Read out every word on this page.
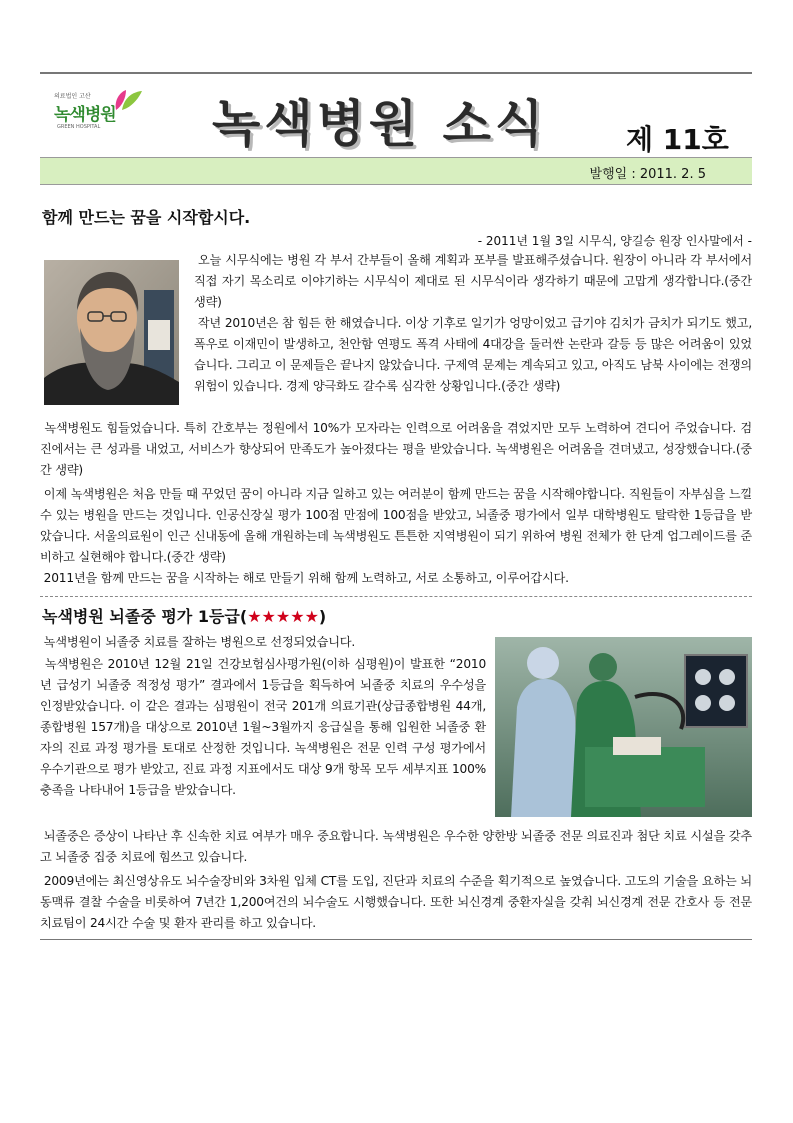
의료법인 고산
녹색병원
GREEN HOSPITAL 녹색병원 소식	제 11호
발행일 : 2011. 2. 5
함께 만드는 꿈을 시작합시다.
- 2011년 1월 3일 시무식, 양길승 원장 인사말에서 -

오늘 시무식에는 병원 각 부서 간부들이 올해 계획과 포부를 발표해주셨습니다. 원장이 아니라 각 부서에서 직접 자기 목소리로 이야기하는 시무식이 제대로 된 시무식이라 생각하기 때문에 고맙게 생각합니다.(중간 생략)

작년 2010년은 참 힘든 한 해였습니다. 이상 기후로 일기가 엉망이었고 급기야 김치가 금치가 되기도 했고, 폭우로 이재민이 발생하고, 천안함 연평도 폭격 사태에 4대강을 둘러싼 논란과 갈등 등 많은 어려움이 있었습니다. 그리고 이 문제들은 끝나지 않았습니다. 구제역 문제는 계속되고 있고, 아직도 남북 사이에는 전쟁의 위험이 있습니다. 경제 양극화도 갈수록 심각한 상황입니다.(중간 생략)

녹색병원도 힘들었습니다. 특히 간호부는 정원에서 10%가 모자라는 인력으로 어려움을 겪었지만 모두 노력하여 견디어 주었습니다. 검진에서는 큰 성과를 내었고, 서비스가 향상되어 만족도가 높아졌다는 평을 받았습니다. 녹색병원은 어려움을 견뎌냈고, 성장했습니다.(중간 생략)

이제 녹색병원은 처음 만들 때 꾸었던 꿈이 아니라 지금 일하고 있는 여러분이 함께 만드는 꿈을 시작해야합니다. 직원들이 자부심을 느낄 수 있는 병원을 만드는 것입니다. 인공신장실 평가 100점 만점에 100점을 받았고, 뇌졸중 평가에서 일부 대학병원도 탈락한 1등급을 받았습니다. 서울의료원이 인근 신내동에 올해 개원하는데 녹색병원도 튼튼한 지역병원이 되기 위하여 병원 전체가 한 단계 업그레이드를 준비하고 실현해야 합니다.(중간 생략)

2011년을 함께 만드는 꿈을 시작하는 해로 만들기 위해 함께 노력하고, 서로 소통하고, 이루어갑시다.

녹색병원 뇌졸중 평가 1등급(★★★★★)

녹색병원이 뇌졸중 치료를 잘하는 병원으로 선정되었습니다.

녹색병원은 2010년 12월 21일 건강보험심사평가원(이하 심평원)이 발표한 “2010년 급성기 뇌졸중 적정성 평가” 결과에서 1등급을 획득하여 뇌졸중 치료의 우수성을 인정받았습니다. 이 같은 결과는 심평원이 전국 201개 의료기관(상급종합병원 44개, 종합병원 157개)을 대상으로 2010년 1월~3월까지 응급실을 통해 입원한 뇌졸중 환자의 진료 과정 평가를 토대로 산정한 것입니다. 녹색병원은 전문 인력 구성 평가에서 우수기관으로 평가 받았고, 진료 과정 지표에서도 대상 9개 항목 모두 세부지표 100%충족을 나타내어 1등급을 받았습니다.

뇌졸중은 증상이 나타난 후 신속한 치료 여부가 매우 중요합니다. 녹색병원은 우수한 양한방 뇌졸중 전문 의료진과 첨단 치료 시설을 갖추고 뇌졸중 집중 치료에 힘쓰고 있습니다.

2009년에는 최신영상유도 뇌수술장비와 3차원 입체 CT를 도입, 진단과 치료의 수준을 획기적으로 높였습니다. 고도의 기술을 요하는 뇌동맥류 결찰 수술을 비롯하여 7년간 1,200여건의 뇌수술도 시행했습니다. 또한 뇌신경계 중환자실을 갖춰 뇌신경계 전문 간호사 등 전문 치료팀이 24시간 수술 및 환자 관리를 하고 있습니다.
